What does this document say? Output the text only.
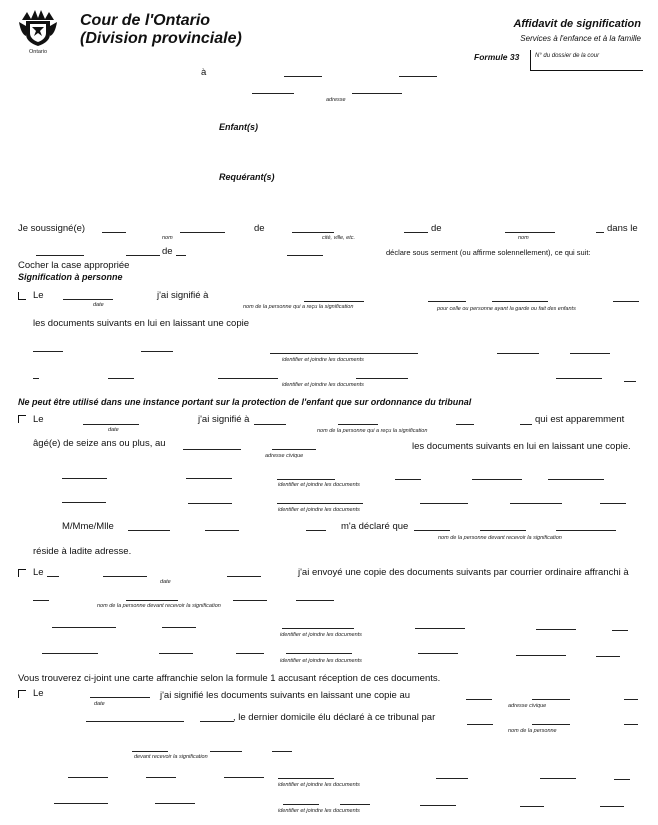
Ontario
Cour de l'Ontario
(Division provinciale)
Affidavit de signification
Services à l'enfance et à la famille
Formule 33	N° du dossier de la cour
à
adresse
Enfant(s)
Requérant(s)
Je soussigné(e)
nom
de
cité, ville, etc.
de
nom
dans le
de	déclare sous serment (ou affirme solennellement), ce qui suit:
Cocher la case appropriée
Signification à personne
Le
date
j'ai signifié à
nom de la personne qui a reçu la signification	pour celle ou personne ayant la garde ou fait des enfants
les documents suivants en lui en laissant une copie
identifier et joindre les documents
identifier et joindre les documents
Ne peut être utilisé dans une instance portant sur la protection de l'enfant que sur ordonnance du tribunal
Le
date
j'ai signifié à
nom de la personne qui a reçu la signification
qui est apparemment
âgé(e) de seize ans ou plus, au
adresse civique
les documents suivants en lui en laissant une copie.
identifier et joindre les documents
identifier et joindre les documents
M/Mme/Mlle	m'a déclaré que
nom de la personne devant recevoir la signification
réside à ladite adresse.
Le
date
j'ai envoyé une copie des documents suivants par courrier ordinaire affranchi à
nom de la personne devant recevoir la signification
identifier et joindre les documents
identifier et joindre les documents
Vous trouverez ci-joint une carte affranchie selon la formule 1 accusant réception de ces documents.
Le
date
j'ai signifié les documents suivants en laissant une copie au
adresse civique
, le dernier domicile élu déclaré à ce tribunal par
nom de la personne
devant recevoir la signification
identifier et joindre les documents
identifier et joindre les documents
